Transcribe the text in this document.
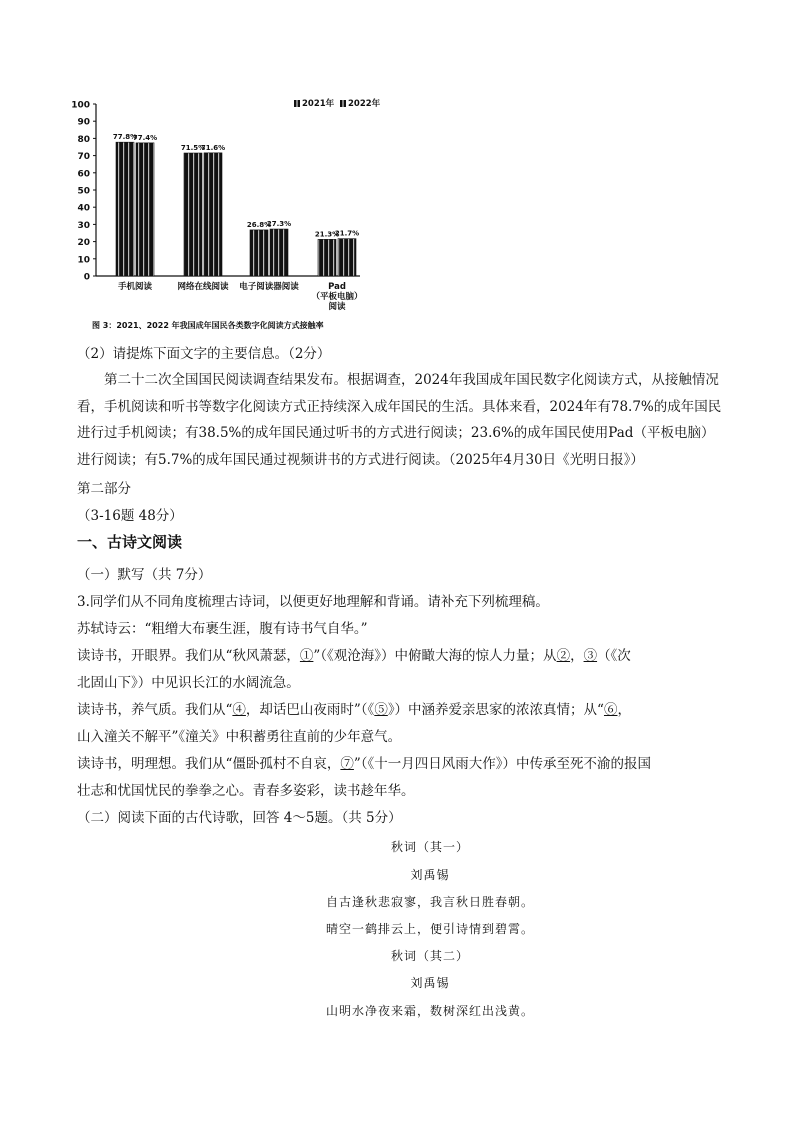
0
10
20
30
40
50
60
70
80
90
100	2021年 2022年
77.8%
77.4%
手机阅读
71.5%
71.6%
网络在线阅读
26.8%
27.3%
电子阅读器阅读
21.3%
21.7%
Pad
（平板电脑）
阅读
图 3：2021、2022 年我国成年国民各类数字化阅读方式接触率
（2）请提炼下面文字的主要信息。（2分）
第二十二次全国国民阅读调查结果发布。根据调查，2024年我国成年国民数字化阅读方式，从接触情况看，手机阅读和听书等数字化阅读方式正持续深入成年国民的生活。具体来看，2024年有78.7%的成年国民进行过手机阅读；有38.5%的成年国民通过听书的方式进行阅读；23.6%的成年国民使用Pad（平板电脑）进行阅读；有5.7%的成年国民通过视频讲书的方式进行阅读。（2025年4月30日《光明日报》）
第二部分
（3-16题 48分）
一、古诗文阅读
（一）默写（共 7分）
3.同学们从不同角度梳理古诗词，以便更好地理解和背诵。请补充下列梳理稿。
苏轼诗云：“粗缯大布裹生涯，腹有诗书气自华。”
读诗书，开眼界。我们从“秋风萧瑟，①”（《观沧海》）中俯瞰大海的惊人力量；从②，③（《次
北固山下》）中见识长江的水阔流急。
读诗书，养气质。我们从“④，却话巴山夜雨时”（《⑤》）中涵养爱亲思家的浓浓真情；从“⑥，
山入潼关不解平”《潼关》中积蓄勇往直前的少年意气。
读诗书，明理想。我们从“僵卧孤村不自哀，⑦”（《十一月四日风雨大作》）中传承至死不渝的报国
壮志和忧国忧民的拳拳之心。青春多姿彩，读书趁年华。
（二）阅读下面的古代诗歌，回答 4～5题。（共 5分）
秋词（其一）
刘禹锡
自古逢秋悲寂寥，我言秋日胜春朝。
晴空一鹤排云上，便引诗情到碧霄。
秋词（其二）
刘禹锡
山明水净夜来霜，数树深红出浅黄。
